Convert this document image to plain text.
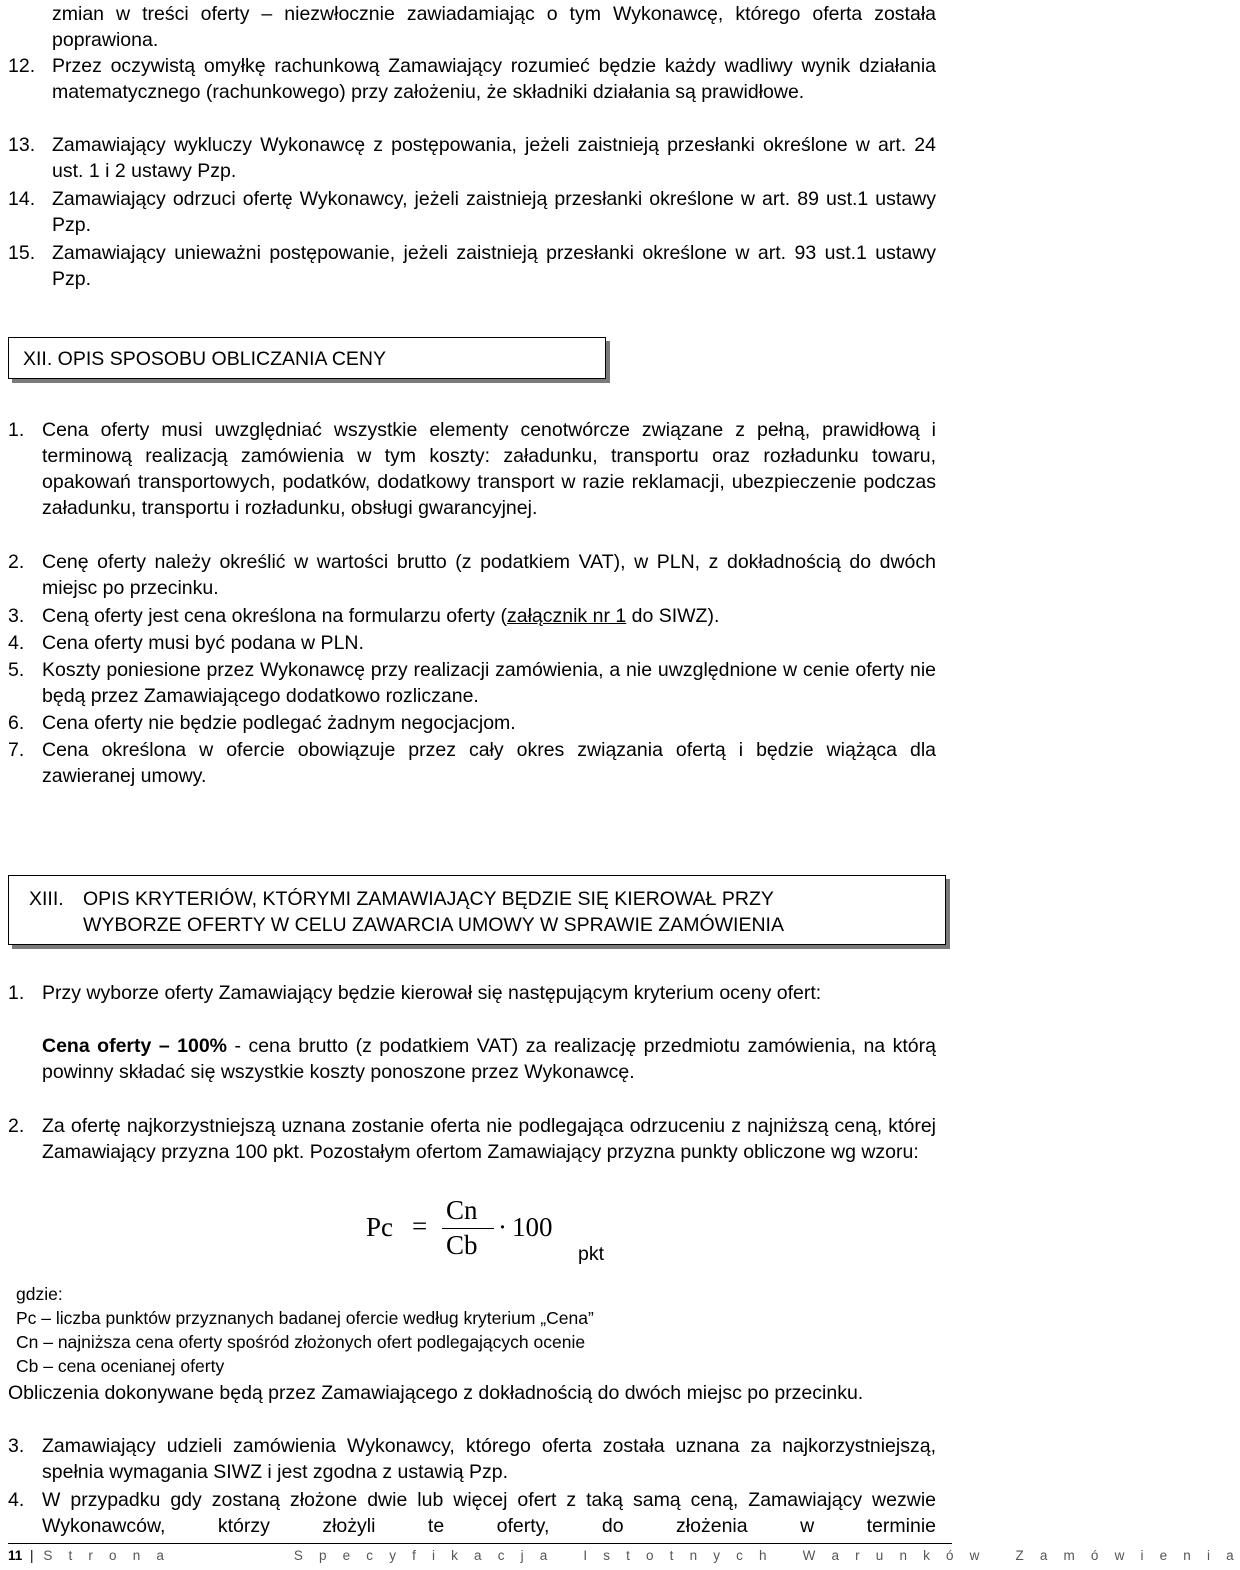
zmian w treści oferty – niezwłocznie zawiadamiając o tym Wykonawcę, którego oferta została poprawiona.

12. Przez oczywistą omyłkę rachunkową Zamawiający rozumieć będzie każdy wadliwy wynik działania matematycznego (rachunkowego) przy założeniu, że składniki działania są prawidłowe.
13. Zamawiający wykluczy Wykonawcę z postępowania, jeżeli zaistnieją przesłanki określone w art. 24 ust. 1 i 2 ustawy Pzp.
14. Zamawiający odrzuci ofertę Wykonawcy, jeżeli zaistnieją przesłanki określone w art. 89 ust.1 ustawy Pzp.
15. Zamawiający unieważni postępowanie, jeżeli zaistnieją przesłanki określone w art. 93 ust.1 ustawy Pzp.
XII. OPIS SPOSOBU OBLICZANIA CENY
1. Cena oferty musi uwzględniać wszystkie elementy cenotwórcze związane z pełną, prawidłową i terminową realizacją zamówienia w tym koszty: załadunku, transportu oraz rozładunku towaru, opakowań transportowych, podatków, dodatkowy transport w razie reklamacji, ubezpieczenie podczas załadunku, transportu i rozładunku, obsługi gwarancyjnej.
2. Cenę oferty należy określić w wartości brutto (z podatkiem VAT), w PLN, z dokładnością do dwóch miejsc po przecinku.
3. Ceną oferty jest cena określona na formularzu oferty (załącznik nr 1 do SIWZ).
4. Cena oferty musi być podana w PLN.
5. Koszty poniesione przez Wykonawcę przy realizacji zamówienia, a nie uwzględnione w cenie oferty nie będą przez Zamawiającego dodatkowo rozliczane.
6. Cena oferty nie będzie podlegać żadnym negocjacjom.
7. Cena określona w ofercie obowiązuje przez cały okres związania ofertą i będzie wiążąca dla zawieranej umowy.
XIII. OPIS KRYTERIÓW, KTÓRYMI ZAMAWIAJĄCY BĘDZIE SIĘ KIEROWAŁ PRZY
WYBORZE OFERTY W CELU ZAWARCIA UMOWY W SPRAWIE ZAMÓWIENIA
1. Przy wyborze oferty Zamawiający będzie kierował się następującym kryterium oceny ofert:

Cena oferty – 100% - cena brutto (z podatkiem VAT) za realizację przedmiotu zamówienia, na którą powinny składać się wszystkie koszty ponoszone przez Wykonawcę.

2. Za ofertę najkorzystniejszą uznana zostanie oferta nie podlegająca odrzuceniu z najniższą ceną, której Zamawiający przyzna 100 pkt. Pozostałym ofertom Zamawiający przyzna punkty obliczone wg wzoru:
Pc =
Cn
Cb
· 100
pkt

gdzie:

Pc – liczba punktów przyznanych badanej ofercie według kryterium „Cena”

Cn – najniższa cena oferty spośród złożonych ofert podlegających ocenie

Cb – cena ocenianej oferty

Obliczenia dokonywane będą przez Zamawiającego z dokładnością do dwóch miejsc po przecinku.

3. Zamawiający udzieli zamówienia Wykonawcy, którego oferta została uznana za najkorzystniejszą, spełnia wymagania SIWZ i jest zgodna z ustawią Pzp.
4. W przypadku gdy zostaną złożone dwie lub więcej ofert z taką samą ceną, Zamawiający wezwie Wykonawców, którzy złożyli te oferty, do złożenia w terminie
11 | S t r o n a	S p e c y f i k a c j a   I s t o t n y c h   W a r u n k ó w   Z a m ó w i e n i a
